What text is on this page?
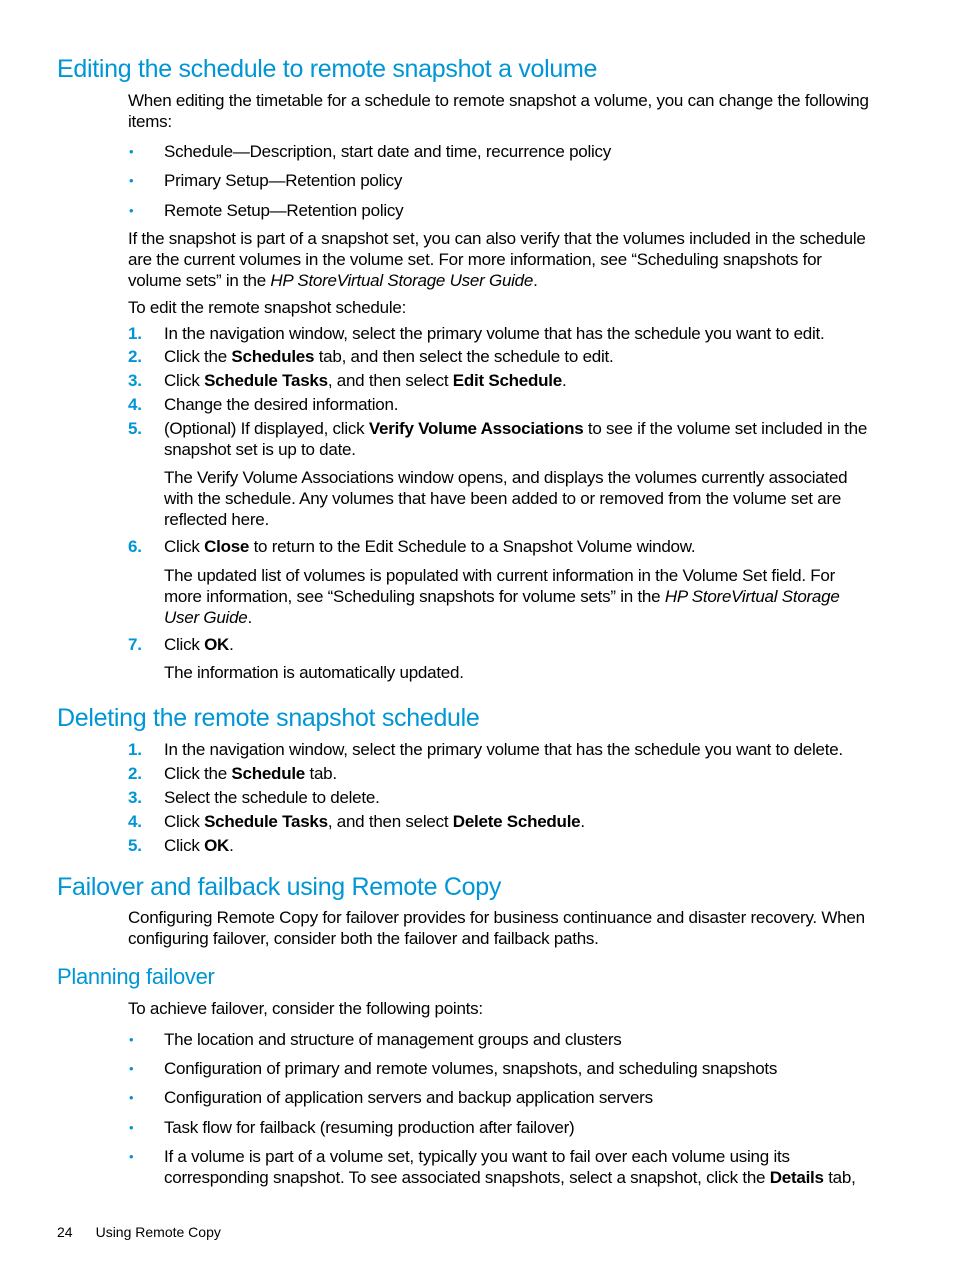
Editing the schedule to remote snapshot a volume

When editing the timetable for a schedule to remote snapshot a volume, you can change the following items:

• Schedule—Description, start date and time, recurrence policy
• Primary Setup—Retention policy
• Remote Setup—Retention policy

If the snapshot is part of a snapshot set, you can also verify that the volumes included in the schedule are the current volumes in the volume set. For more information, see “Scheduling snapshots for volume sets” in the HP StoreVirtual Storage User Guide.

To edit the remote snapshot schedule:

1. In the navigation window, select the primary volume that has the schedule you want to edit.
2. Click the Schedules tab, and then select the schedule to edit.
3. Click Schedule Tasks, and then select Edit Schedule.
4. Change the desired information.
5. (Optional) If displayed, click Verify Volume Associations to see if the volume set included in the snapshot set is up to date.

The Verify Volume Associations window opens, and displays the volumes currently associated with the schedule. Any volumes that have been added to or removed from the volume set are reflected here.

6. Click Close to return to the Edit Schedule to a Snapshot Volume window.

The updated list of volumes is populated with current information in the Volume Set field. For more information, see “Scheduling snapshots for volume sets” in the HP StoreVirtual Storage User Guide.

7. Click OK.

The information is automatically updated.

Deleting the remote snapshot schedule
1. In the navigation window, select the primary volume that has the schedule you want to delete.
2. Click the Schedule tab.
3. Select the schedule to delete.
4. Click Schedule Tasks, and then select Delete Schedule.
5. Click OK.
Failover and failback using Remote Copy

Configuring Remote Copy for failover provides for business continuance and disaster recovery. When configuring failover, consider both the failover and failback paths.

Planning failover

To achieve failover, consider the following points:

• The location and structure of management groups and clusters
• Configuration of primary and remote volumes, snapshots, and scheduling snapshots
• Configuration of application servers and backup application servers
• Task flow for failback (resuming production after failover)
• If a volume is part of a volume set, typically you want to fail over each volume using its corresponding snapshot. To see associated snapshots, select a snapshot, click the Details tab,
24 Using Remote Copy
